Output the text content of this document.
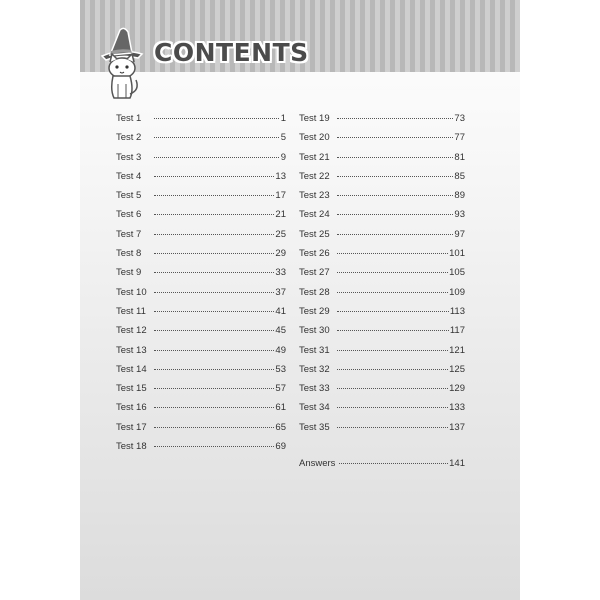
CONTENTS
Test 1	1
Test 2	5
Test 3	9
Test 4	13
Test 5	17
Test 6	21
Test 7	25
Test 8	29
Test 9	33
Test 10	37
Test 11	41
Test 12	45
Test 13	49
Test 14	53
Test 15	57
Test 16	61
Test 17	65
Test 18	69
Test 19	73
Test 20	77
Test 21	81
Test 22	85
Test 23	89
Test 24	93
Test 25	97
Test 26	101
Test 27	105
Test 28	109
Test 29	113
Test 30	117
Test 31	121
Test 32	125
Test 33	129
Test 34	133
Test 35	137
Answers	141
